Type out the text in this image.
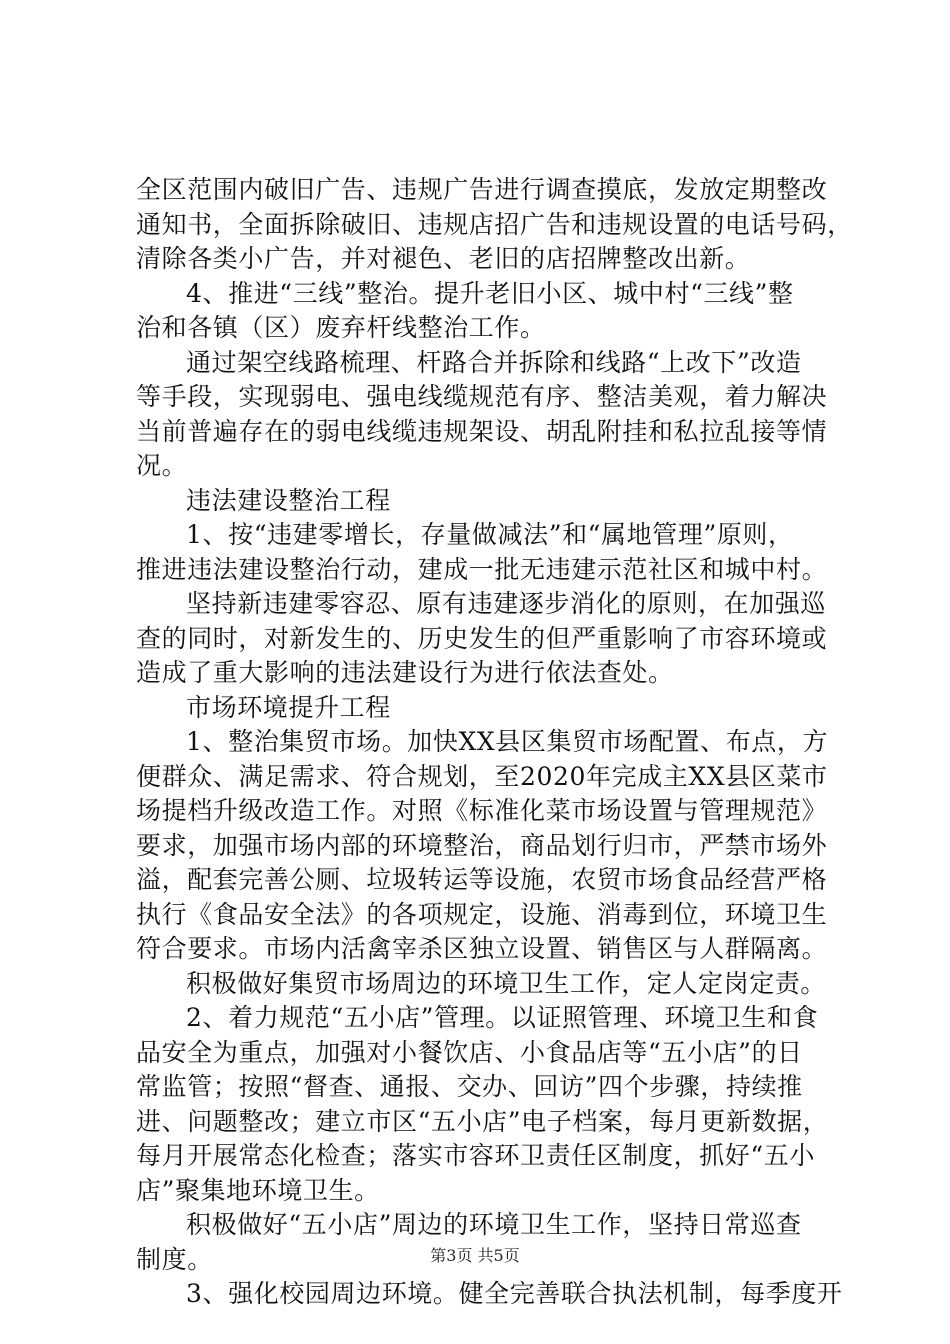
全区范围内破旧广告、违规广告进行调查摸底，发放定期整改
通知书，全面拆除破旧、违规店招广告和违规设置的电话号码，
清除各类小广告，并对褪色、老旧的店招牌整改出新。
4、推进“三线”整治。提升老旧小区、城中村“三线”整
治和各镇（区）废弃杆线整治工作。
通过架空线路梳理、杆路合并拆除和线路“上改下”改造
等手段，实现弱电、强电线缆规范有序、整洁美观，着力解决
当前普遍存在的弱电线缆违规架设、胡乱附挂和私拉乱接等情
况。
违法建设整治工程
1、按“违建零增长，存量做减法”和“属地管理”原则，
推进违法建设整治行动，建成一批无违建示范社区和城中村。
坚持新违建零容忍、原有违建逐步消化的原则，在加强巡
查的同时，对新发生的、历史发生的但严重影响了市容环境或
造成了重大影响的违法建设行为进行依法查处。
市场环境提升工程
1、整治集贸市场。加快XX县区集贸市场配置、布点，方
便群众、满足需求、符合规划，至2020年完成主XX县区菜市
场提档升级改造工作。对照《标准化菜市场设置与管理规范》
要求，加强市场内部的环境整治，商品划行归市，严禁市场外
溢，配套完善公厕、垃圾转运等设施，农贸市场食品经营严格
执行《食品安全法》的各项规定，设施、消毒到位，环境卫生
符合要求。市场内活禽宰杀区独立设置、销售区与人群隔离。
积极做好集贸市场周边的环境卫生工作，定人定岗定责。
2、着力规范“五小店”管理。以证照管理、环境卫生和食
品安全为重点，加强对小餐饮店、小食品店等“五小店”的日
常监管；按照“督查、通报、交办、回访”四个步骤，持续推
进、问题整改；建立市区“五小店”电子档案，每月更新数据，
每月开展常态化检查；落实市容环卫责任区制度，抓好“五小
店”聚集地环境卫生。
积极做好“五小店”周边的环境卫生工作，坚持日常巡查
制度。
3、强化校园周边环境。健全完善联合执法机制，每季度开
第3页 共5页
